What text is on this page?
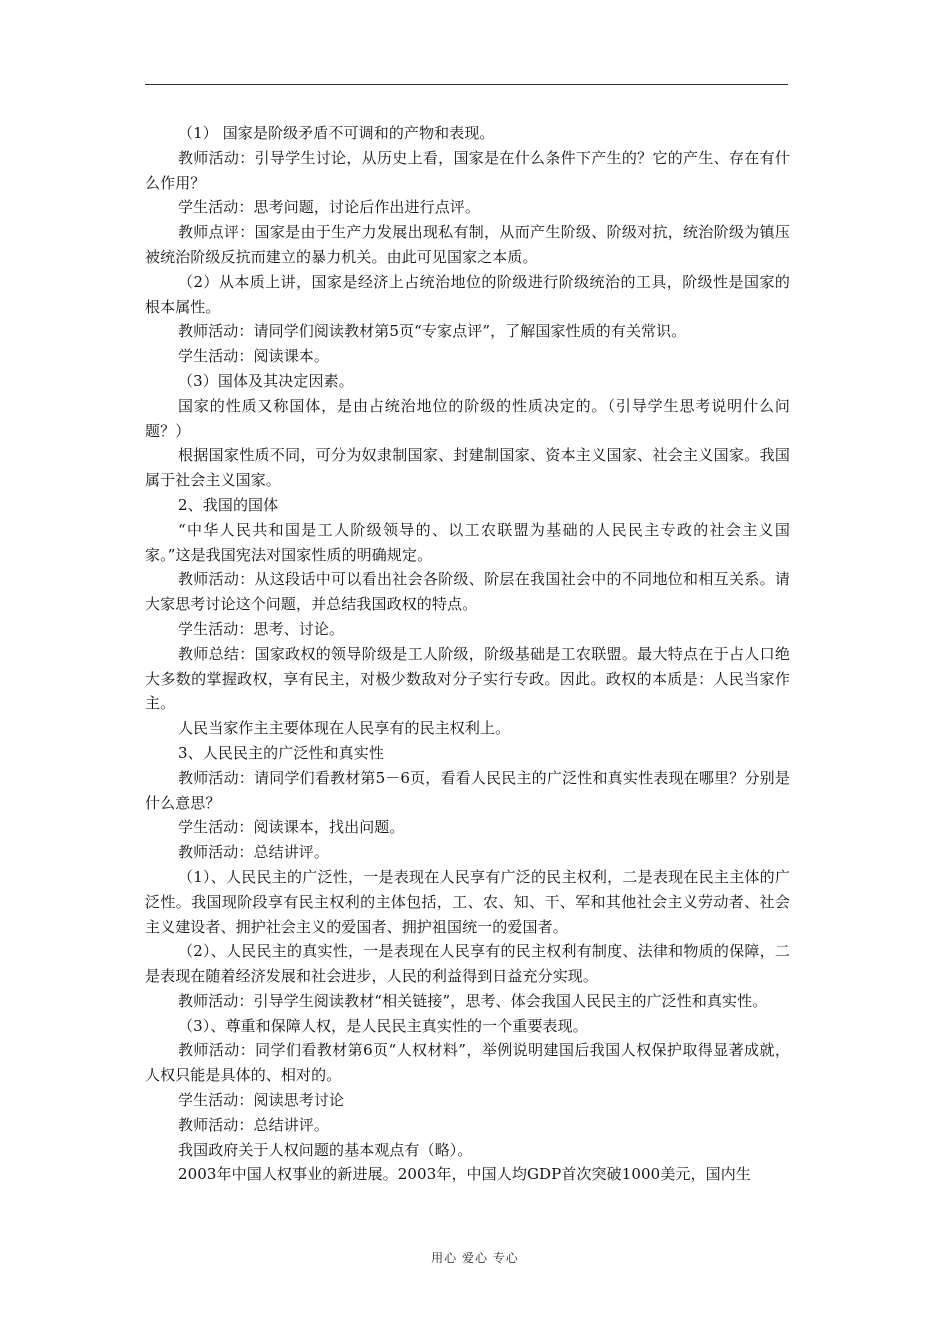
（1） 国家是阶级矛盾不可调和的产物和表现。

教师活动：引导学生讨论，从历史上看，国家是在什么条件下产生的？它的产生、存在有什么作用？

学生活动：思考问题，讨论后作出进行点评。

教师点评：国家是由于生产力发展出现私有制，从而产生阶级、阶级对抗，统治阶级为镇压被统治阶级反抗而建立的暴力机关。由此可见国家之本质。

（2）从本质上讲，国家是经济上占统治地位的阶级进行阶级统治的工具，阶级性是国家的根本属性。

教师活动：请同学们阅读教材第5页“专家点评”，了解国家性质的有关常识。

学生活动：阅读课本。

（3）国体及其决定因素。

国家的性质又称国体，是由占统治地位的阶级的性质决定的。（引导学生思考说明什么问题？）

根据国家性质不同，可分为奴隶制国家、封建制国家、资本主义国家、社会主义国家。我国属于社会主义国家。

2、我国的国体

“中华人民共和国是工人阶级领导的、以工农联盟为基础的人民民主专政的社会主义国家。”这是我国宪法对国家性质的明确规定。

教师活动：从这段话中可以看出社会各阶级、阶层在我国社会中的不同地位和相互关系。请大家思考讨论这个问题，并总结我国政权的特点。

学生活动：思考、讨论。

教师总结：国家政权的领导阶级是工人阶级，阶级基础是工农联盟。最大特点在于占人口绝大多数的掌握政权，享有民主，对极少数敌对分子实行专政。因此。政权的本质是：人民当家作主。

人民当家作主主要体现在人民享有的民主权利上。

3、人民民主的广泛性和真实性

教师活动：请同学们看教材第5－6页，看看人民民主的广泛性和真实性表现在哪里？分别是什么意思？

学生活动：阅读课本，找出问题。

教师活动：总结讲评。

（1）、人民民主的广泛性，一是表现在人民享有广泛的民主权利，二是表现在民主主体的广泛性。我国现阶段享有民主权利的主体包括，工、农、知、干、军和其他社会主义劳动者、社会主义建设者、拥护社会主义的爱国者、拥护祖国统一的爱国者。

（2）、人民民主的真实性，一是表现在人民享有的民主权利有制度、法律和物质的保障，二是表现在随着经济发展和社会进步，人民的利益得到日益充分实现。

教师活动：引导学生阅读教材“相关链接”，思考、体会我国人民民主的广泛性和真实性。

（3）、尊重和保障人权，是人民民主真实性的一个重要表现。

教师活动：同学们看教材第6页“人权材料”，举例说明建国后我国人权保护取得显著成就，人权只能是具体的、相对的。

学生活动：阅读思考讨论

教师活动：总结讲评。

我国政府关于人权问题的基本观点有（略）。

2003年中国人权事业的新进展。2003年，中国人均GDP首次突破1000美元，国内生

用心 爱心 专心
